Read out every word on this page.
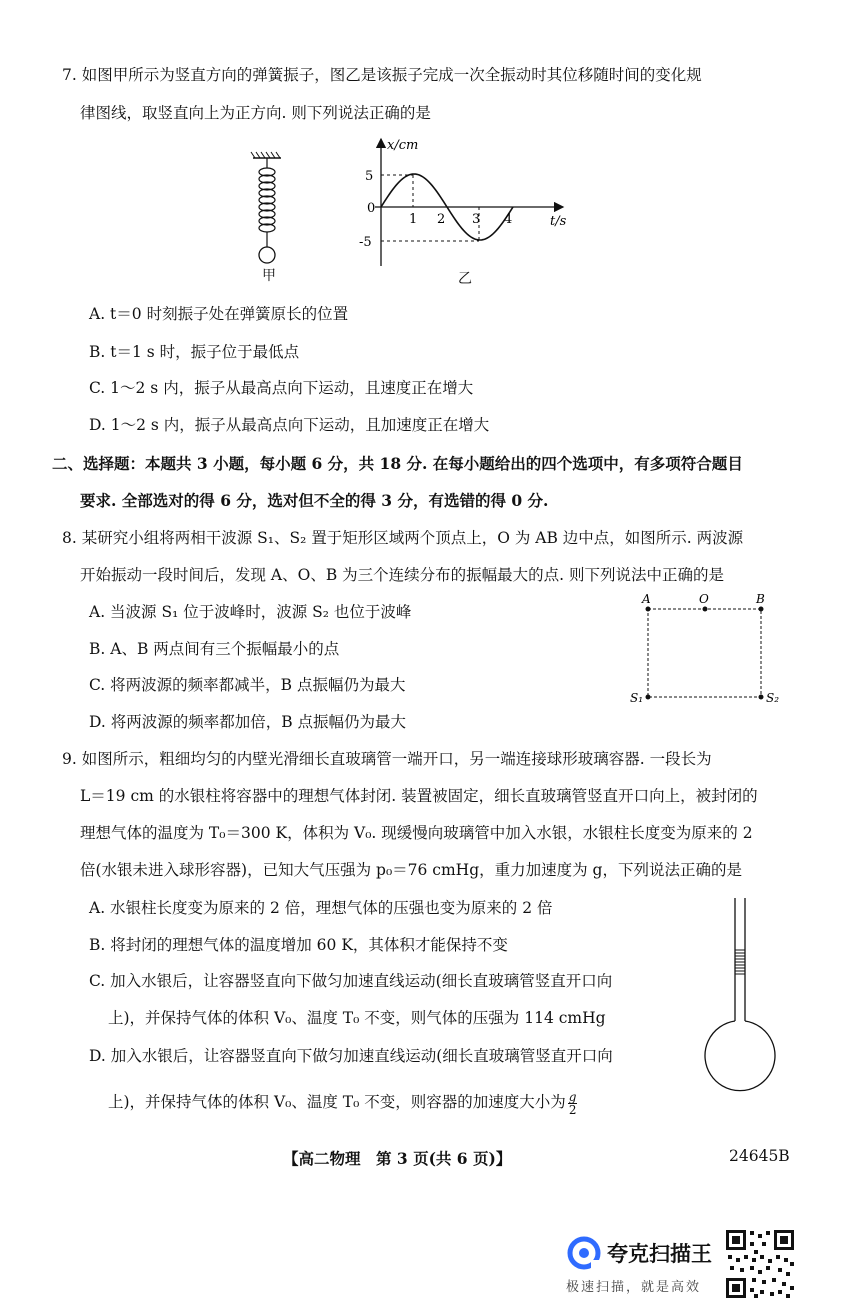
7. 如图甲所示为竖直方向的弹簧振子，图乙是该振子完成一次全振动时其位移随时间的变化规
律图线，取竖直向上为正方向. 则下列说法正确的是
甲
x/cm
t/s
5
0
-5
1 2 3 4
乙
A. t＝0 时刻振子处在弹簧原长的位置
B. t＝1 s 时，振子位于最低点
C. 1～2 s 内，振子从最高点向下运动，且速度正在增大
D. 1～2 s 内，振子从最高点向下运动，且加速度正在增大
二、选择题：本题共 3 小题，每小题 6 分，共 18 分. 在每小题给出的四个选项中，有多项符合题目
要求. 全部选对的得 6 分，选对但不全的得 3 分，有选错的得 0 分.
8. 某研究小组将两相干波源 S₁、S₂ 置于矩形区域两个顶点上，O 为 AB 边中点，如图所示. 两波源
开始振动一段时间后，发现 A、O、B 为三个连续分布的振幅最大的点. 则下列说法中正确的是
A. 当波源 S₁ 位于波峰时，波源 S₂ 也位于波峰
B. A、B 两点间有三个振幅最小的点
C. 将两波源的频率都减半，B 点振幅仍为最大
D. 将两波源的频率都加倍，B 点振幅仍为最大
A	O	B
S₁	S₂
9. 如图所示，粗细均匀的内壁光滑细长直玻璃管一端开口，另一端连接球形玻璃容器. 一段长为
L＝19 cm 的水银柱将容器中的理想气体封闭. 装置被固定，细长直玻璃管竖直开口向上，被封闭的
理想气体的温度为 T₀＝300 K，体积为 V₀. 现缓慢向玻璃管中加入水银，水银柱长度变为原来的 2
倍(水银未进入球形容器)，已知大气压强为 p₀＝76 cmHg，重力加速度为 g，下列说法正确的是
A. 水银柱长度变为原来的 2 倍，理想气体的压强也变为原来的 2 倍
B. 将封闭的理想气体的温度增加 60 K，其体积才能保持不变
C. 加入水银后，让容器竖直向下做匀加速直线运动(细长直玻璃管竖直开口向
上)，并保持气体的体积 V₀、温度 T₀ 不变，则气体的压强为 114 cmHg
D. 加入水银后，让容器竖直向下做匀加速直线运动(细长直玻璃管竖直开口向
上)，并保持气体的体积 V₀、温度 T₀ 不变，则容器的加速度大小为 $\frac{g}{2}$
【高二物理　第 3 页(共 6 页)】	24645B
夸克扫描王
极速扫描，就是高效
